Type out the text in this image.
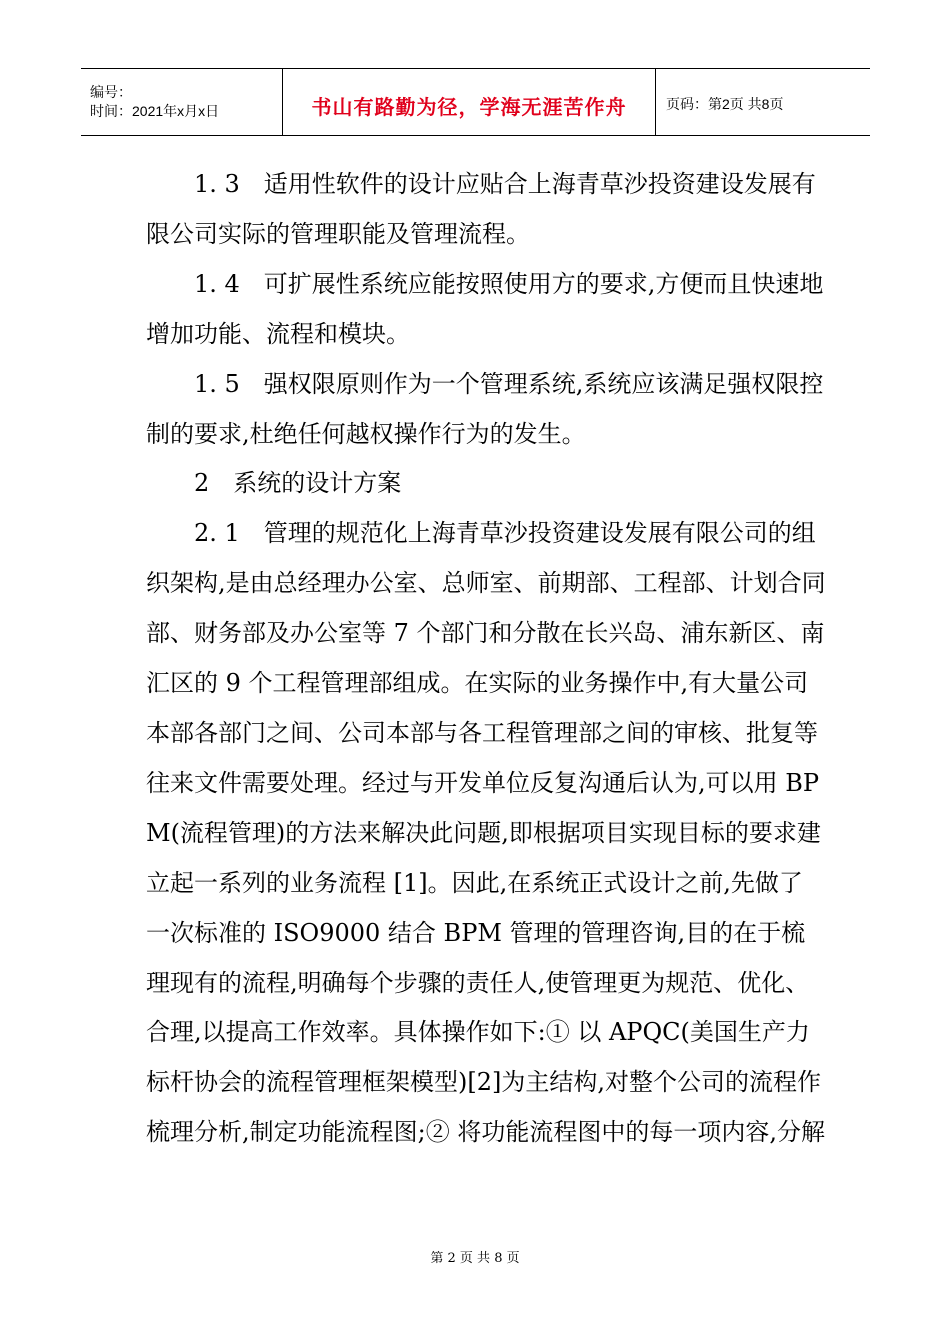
编号：
时间：2021年x月x日	书山有路勤为径，学海无涯苦作舟	页码：第2页 共8页

1. 3　适用性软件的设计应贴合上海青草沙投资建设发展有限公司实际的管理职能及管理流程。

1. 4　可扩展性系统应能按照使用方的要求,方便而且快速地增加功能、流程和模块。

1. 5　强权限原则作为一个管理系统,系统应该满足强权限控制的要求,杜绝任何越权操作行为的发生。

2　系统的设计方案

2. 1　管理的规范化上海青草沙投资建设发展有限公司的组织架构,是由总经理办公室、总师室、前期部、工程部、计划合同部、财务部及办公室等 7 个部门和分散在长兴岛、浦东新区、南汇区的 9 个工程管理部组成。在实际的业务操作中,有大量公司本部各部门之间、公司本部与各工程管理部之间的审核、批复等往来文件需要处理。经过与开发单位反复沟通后认为,可以用 BPM(流程管理)的方法来解决此问题,即根据项目实现目标的要求建立起一系列的业务流程 [1]。因此,在系统正式设计之前,先做了一次标准的 ISO9000 结合 BPM 管理的管理咨询,目的在于梳理现有的流程,明确每个步骤的责任人,使管理更为规范、优化、合理,以提高工作效率。具体操作如下:① 以 APQC(美国生产力标杆协会的流程管理框架模型)[2]为主结构,对整个公司的流程作梳理分析,制定功能流程图;② 将功能流程图中的每一项内容,分解

第 2 页 共 8 页
